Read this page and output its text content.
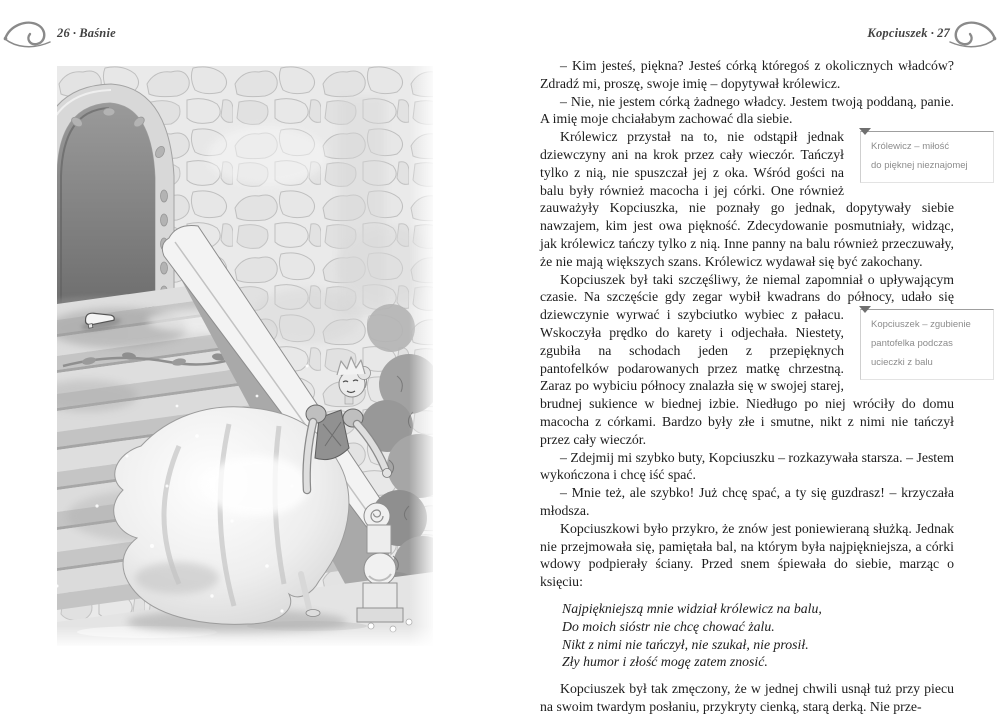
26 · Baśnie	Kopciuszek · 27

– Kim jesteś, piękna? Jesteś córką któregoś z okolicznych władców? Zdradź mi, proszę, swoje imię – dopytywał królewicz.

– Nie, nie jestem córką żadnego władcy. Jestem twoją poddaną, panie. A imię moje chciałabym zachować dla siebie.

Królewicz – miłość
do pięknej nieznajomej
Królewicz przystał na to, nie odstąpił jednak dziewczyny ani na krok przez cały wieczór. Tańczył tylko z nią, nie spuszczał jej z oka. Wśród gości na balu były również macocha i jej córki. One również zauważyły Kopciuszka, nie poznały go jednak, dopytywały siebie nawzajem, kim jest owa piękność. Zdecydowanie posmutniały, widząc, jak królewicz tańczy tylko z nią. Inne panny na balu również przeczuwały, że nie mają większych szans. Królewicz wydawał się być zakochany.

Kopciuszek był taki szczęśliwy, że niemal zapomniał o upływającym czasie. Na szczęście gdy zegar wybił kwadrans do północy, udało się dziewczynie wyrwać i szybciutko wybiec z pałacu.
Kopciuszek – zgubienie
pantofelka podczas
ucieczki z balu
Wskoczyła prędko do karety i odjechała. Niestety, zgubiła na schodach jeden z przepięknych pantofelków podarowanych przez matkę chrzestną. Zaraz po wybiciu północy znalazła się w swojej starej, brudnej sukience w biednej izbie. Niedługo po niej wróciły do domu macocha z córkami. Bardzo były złe i smutne, nikt z nimi nie tańczył przez cały wieczór.

– Zdejmij mi szybko buty, Kopciuszku – rozkazywała starsza. – Jestem wykończona i chcę iść spać.

– Mnie też, ale szybko! Już chcę spać, a ty się guzdrasz! – krzyczała młodsza.

Kopciuszkowi było przykro, że znów jest poniewieraną służką. Jednak nie przejmowała się, pamiętała bal, na którym była najpiękniejsza, a córki wdowy podpierały ściany. Przed snem śpiewała do siebie, marząc o księciu:

Najpiękniejszą mnie widział królewicz na balu,
Do moich sióstr nie chcę chować żalu.
Nikt z nimi nie tańczył, nie szukał, nie prosił.
Zły humor i złość mogę zatem znosić.

Kopciuszek był tak zmęczony, że w jednej chwili usnął tuż przy piecu na swoim twardym posłaniu, przykryty cienką, starą derką. Nie prze-
